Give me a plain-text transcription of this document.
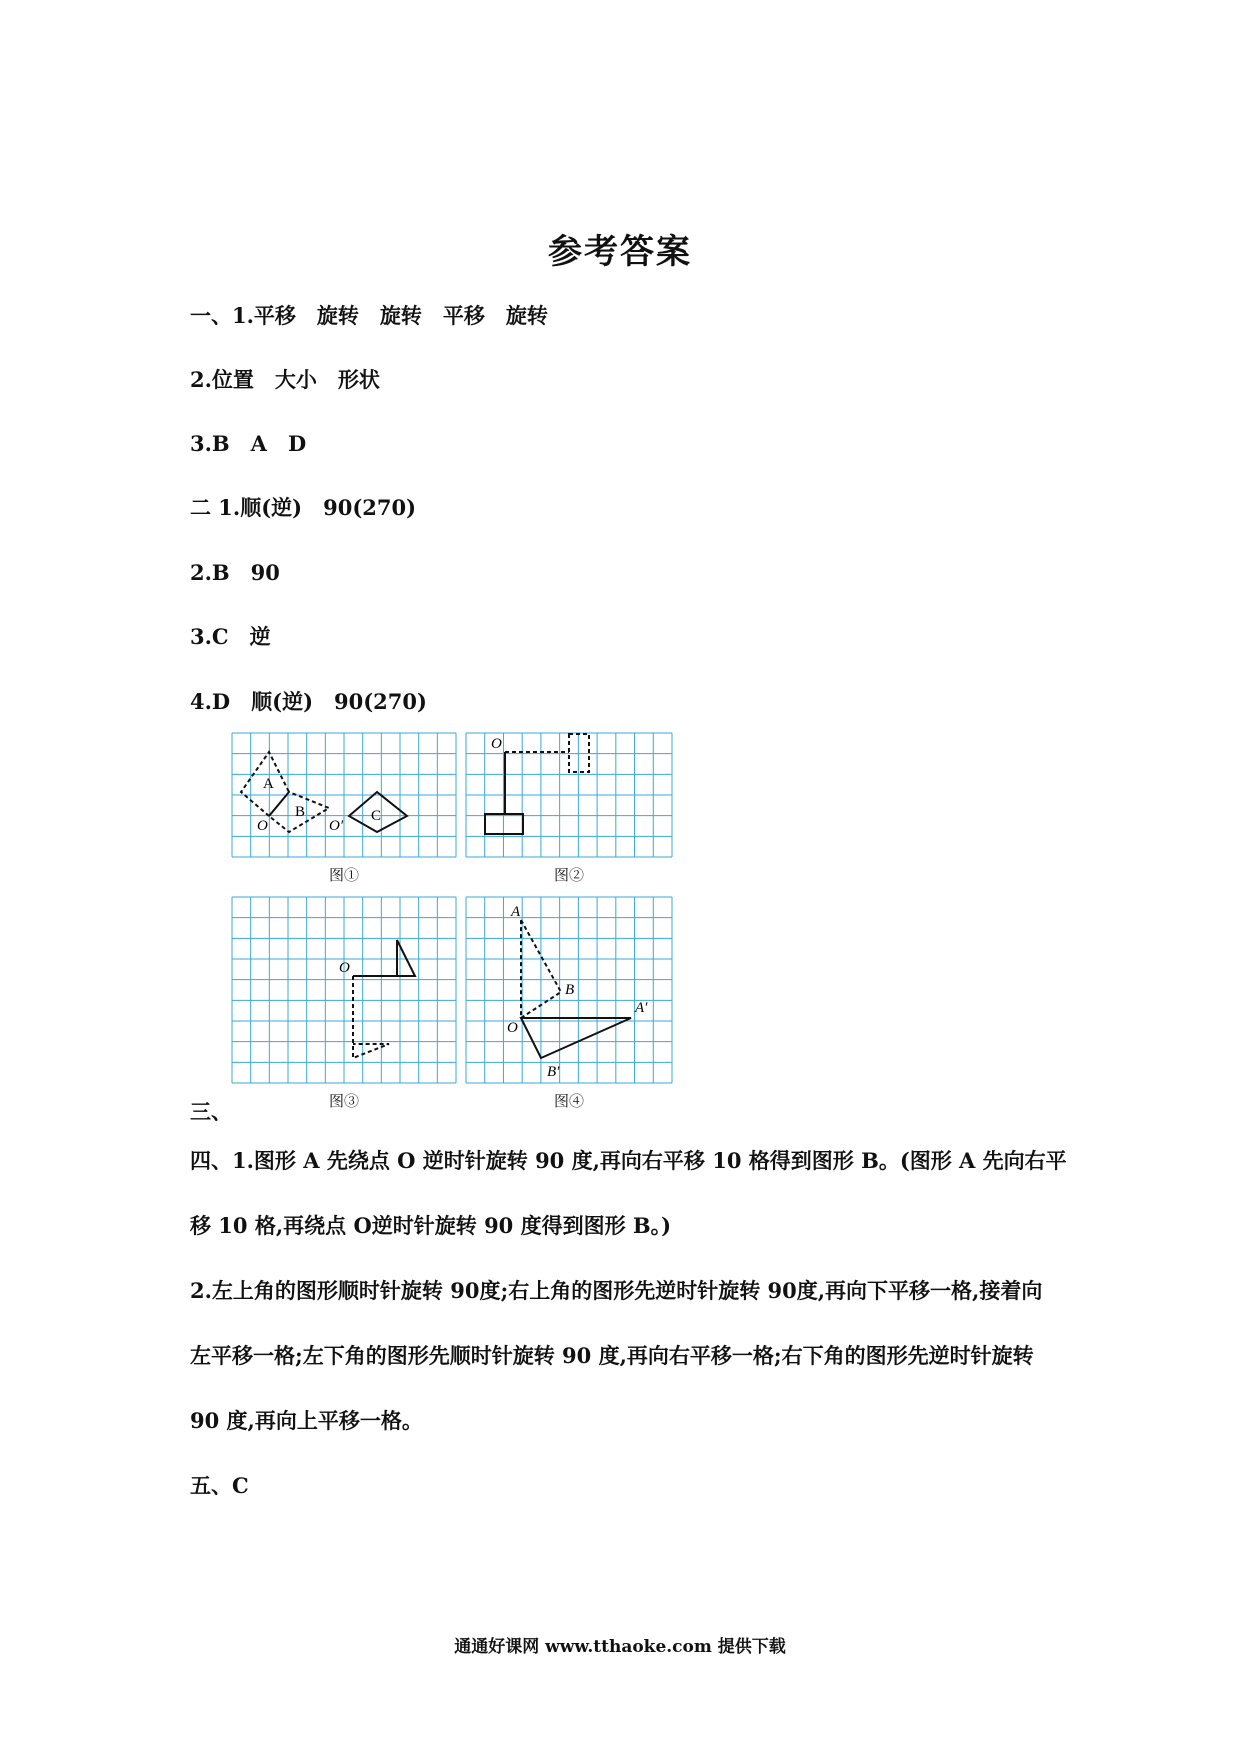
参考答案
一、1.平移　旋转　旋转　平移　旋转
2.位置　大小　形状
3.B　A　D
二 1.顺(逆)　90(270)
2.B　90
3.C　逆
4.D　顺(逆)　90(270)
A
B	C
O	O′
图①
O
图②
O
图③
A
B
O
A′
B′
图④
三、
四、1.图形 A 先绕点 O 逆时针旋转 90 度,再向右平移 10 格得到图形 B。(图形 A 先向右平
移 10 格,再绕点 O逆时针旋转 90 度得到图形 B。)
2.左上角的图形顺时针旋转 90度;右上角的图形先逆时针旋转 90度,再向下平移一格,接着向
左平移一格;左下角的图形先顺时针旋转 90 度,再向右平移一格;右下角的图形先逆时针旋转
90 度,再向上平移一格。
五、C
通通好课网 www.tthaoke.com 提供下载
